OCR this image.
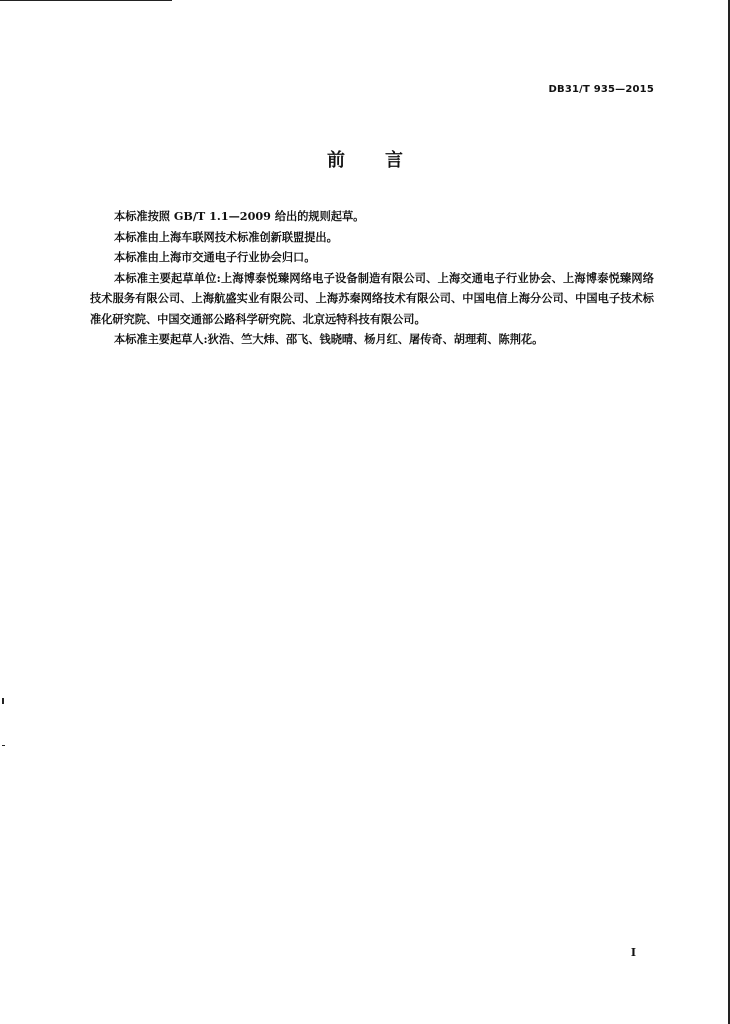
DB31/T 935—2015
前 言

本标准按照 GB/T 1.1—2009 给出的规则起草。

本标准由上海车联网技术标准创新联盟提出。

本标准由上海市交通电子行业协会归口。

本标准主要起草单位:上海博泰悦臻网络电子设备制造有限公司、上海交通电子行业协会、上海博泰悦臻网络技术服务有限公司、上海航盛实业有限公司、上海苏秦网络技术有限公司、中国电信上海分公司、中国电子技术标准化研究院、中国交通部公路科学研究院、北京远特科技有限公司。

本标准主要起草人:狄浩、竺大炜、邵飞、钱晓晴、杨月红、屠传奇、胡理莉、陈荆花。

I
